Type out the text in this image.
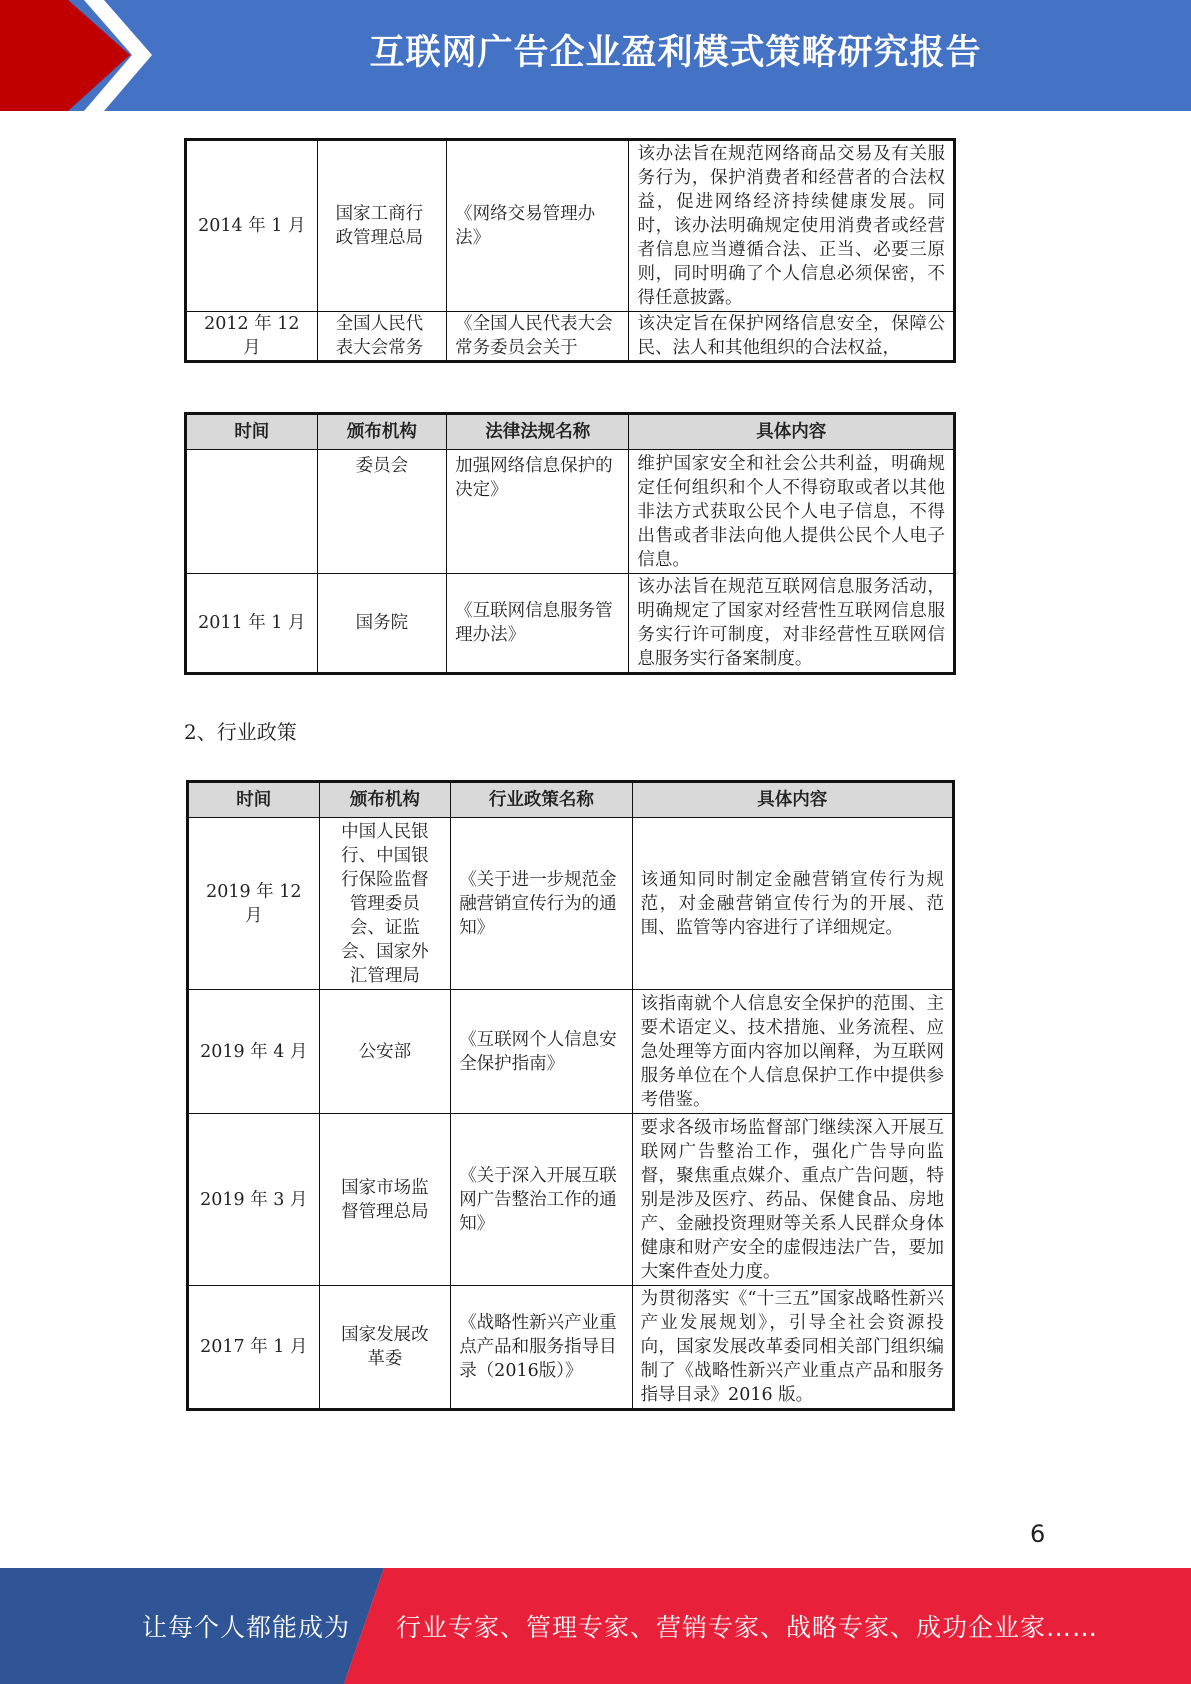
互联网广告企业盈利模式策略研究报告
2014 年 1 月	国家工商行政管理总局	《网络交易管理办法》	该办法旨在规范网络商品交易及有关服务行为，保护消费者和经营者的合法权益，促进网络经济持续健康发展。同时，该办法明确规定使用消费者或经营者信息应当遵循合法、正当、必要三原则，同时明确了个人信息必须保密，不得任意披露。
2012 年 12 月	全国人民代表大会常务	《全国人民代表大会常务委员会关于	该决定旨在保护网络信息安全，保障公民、法人和其他组织的合法权益，
时间	颁布机构	法律法规名称	具体内容
	委员会	加强网络信息保护的决定》	维护国家安全和社会公共利益，明确规定任何组织和个人不得窃取或者以其他非法方式获取公民个人电子信息，不得出售或者非法向他人提供公民个人电子信息。
2011 年 1 月	国务院	《互联网信息服务管理办法》	该办法旨在规范互联网信息服务活动，明确规定了国家对经营性互联网信息服务实行许可制度，对非经营性互联网信息服务实行备案制度。
2、行业政策
时间	颁布机构	行业政策名称	具体内容
2019 年 12 月	中国人民银行、中国银行保险监督管理委员会、证监会、国家外汇管理局	《关于进一步规范金融营销宣传行为的通知》	该通知同时制定金融营销宣传行为规范，对金融营销宣传行为的开展、范围、监管等内容进行了详细规定。
2019 年 4 月	公安部	《互联网个人信息安全保护指南》	该指南就个人信息安全保护的范围、主要术语定义、技术措施、业务流程、应急处理等方面内容加以阐释，为互联网服务单位在个人信息保护工作中提供参考借鉴。
2019 年 3 月	国家市场监督管理总局	《关于深入开展互联网广告整治工作的通知》	要求各级市场监督部门继续深入开展互联网广告整治工作，强化广告导向监督，聚焦重点媒介、重点广告问题，特别是涉及医疗、药品、保健食品、房地产、金融投资理财等关系人民群众身体健康和财产安全的虚假违法广告，要加大案件查处力度。
2017 年 1 月	国家发展改革委	《战略性新兴产业重点产品和服务指导目录（2016版）》	为贯彻落实《“十三五”国家战略性新兴产业发展规划》，引导全社会资源投向，国家发展改革委同相关部门组织编制了《战略性新兴产业重点产品和服务指导目录》2016 版。
6
让每个人都能成为 行业专家、管理专家、营销专家、战略专家、成功企业家……
